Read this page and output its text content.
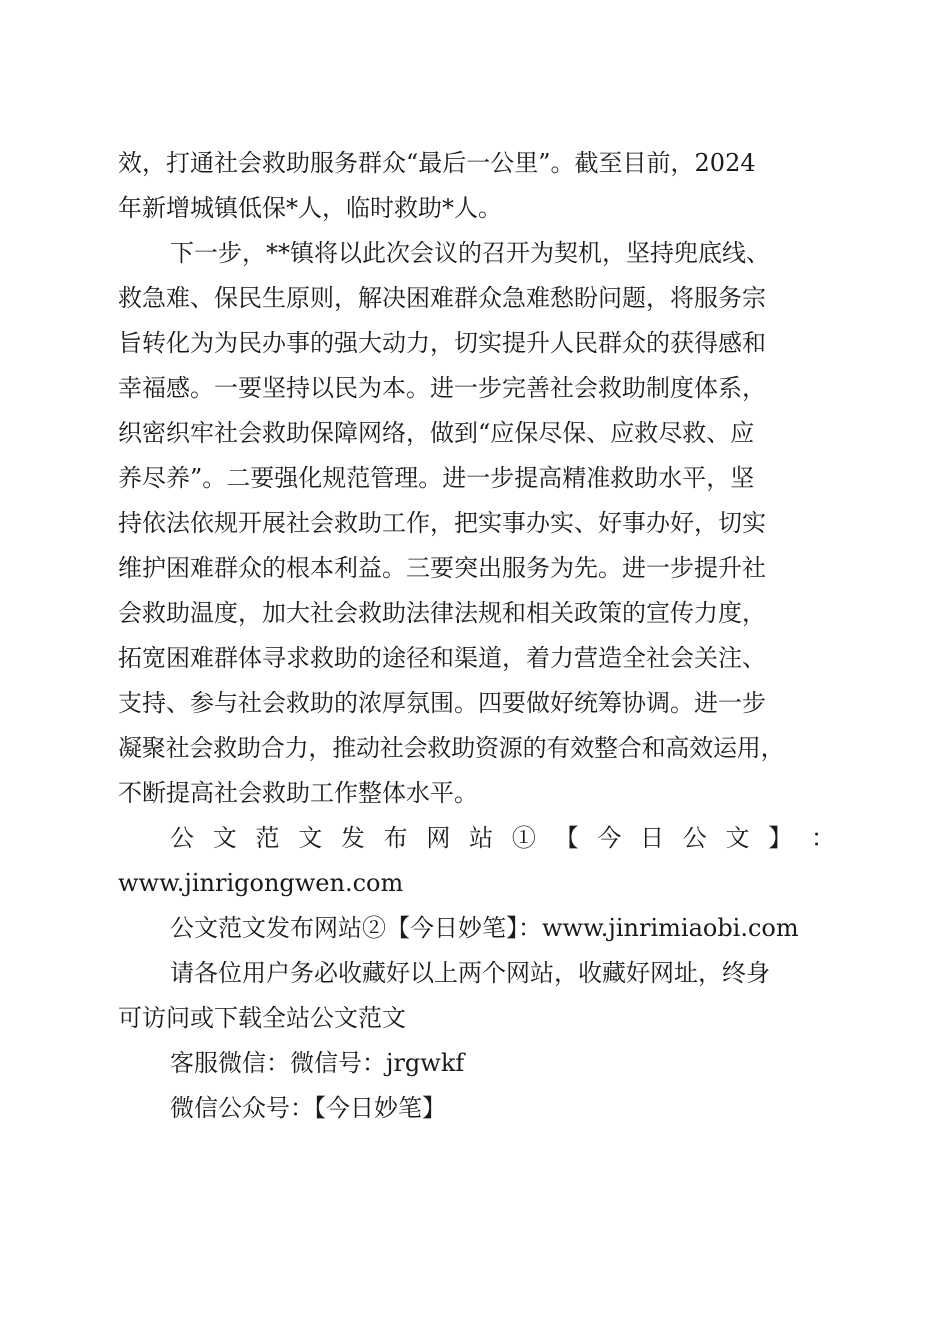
效，打通社会救助服务群众“最后一公里”。截至目前，2024
年新增城镇低保*人，临时救助*人。
下一步，**镇将以此次会议的召开为契机，坚持兜底线、
救急难、保民生原则，解决困难群众急难愁盼问题，将服务宗
旨转化为为民办事的强大动力，切实提升人民群众的获得感和
幸福感。一要坚持以民为本。进一步完善社会救助制度体系，
织密织牢社会救助保障网络，做到“应保尽保、应救尽救、应
养尽养”。二要强化规范管理。进一步提高精准救助水平，坚
持依法依规开展社会救助工作，把实事办实、好事办好，切实
维护困难群众的根本利益。三要突出服务为先。进一步提升社
会救助温度，加大社会救助法律法规和相关政策的宣传力度，
拓宽困难群体寻求救助的途径和渠道，着力营造全社会关注、
支持、参与社会救助的浓厚氛围。四要做好统筹协调。进一步
凝聚社会救助合力，推动社会救助资源的有效整合和高效运用，
不断提高社会救助工作整体水平。
公 文 范 文 发 布 网 站 ① 【 今 日 公 文 】 ：
www.jinrigongwen.com
公文范文发布网站②【今日妙笔】：www.jinrimiaobi.com
请各位用户务必收藏好以上两个网站，收藏好网址，终身
可访问或下载全站公文范文
客服微信：微信号：jrgwkf
微信公众号：【今日妙笔】
